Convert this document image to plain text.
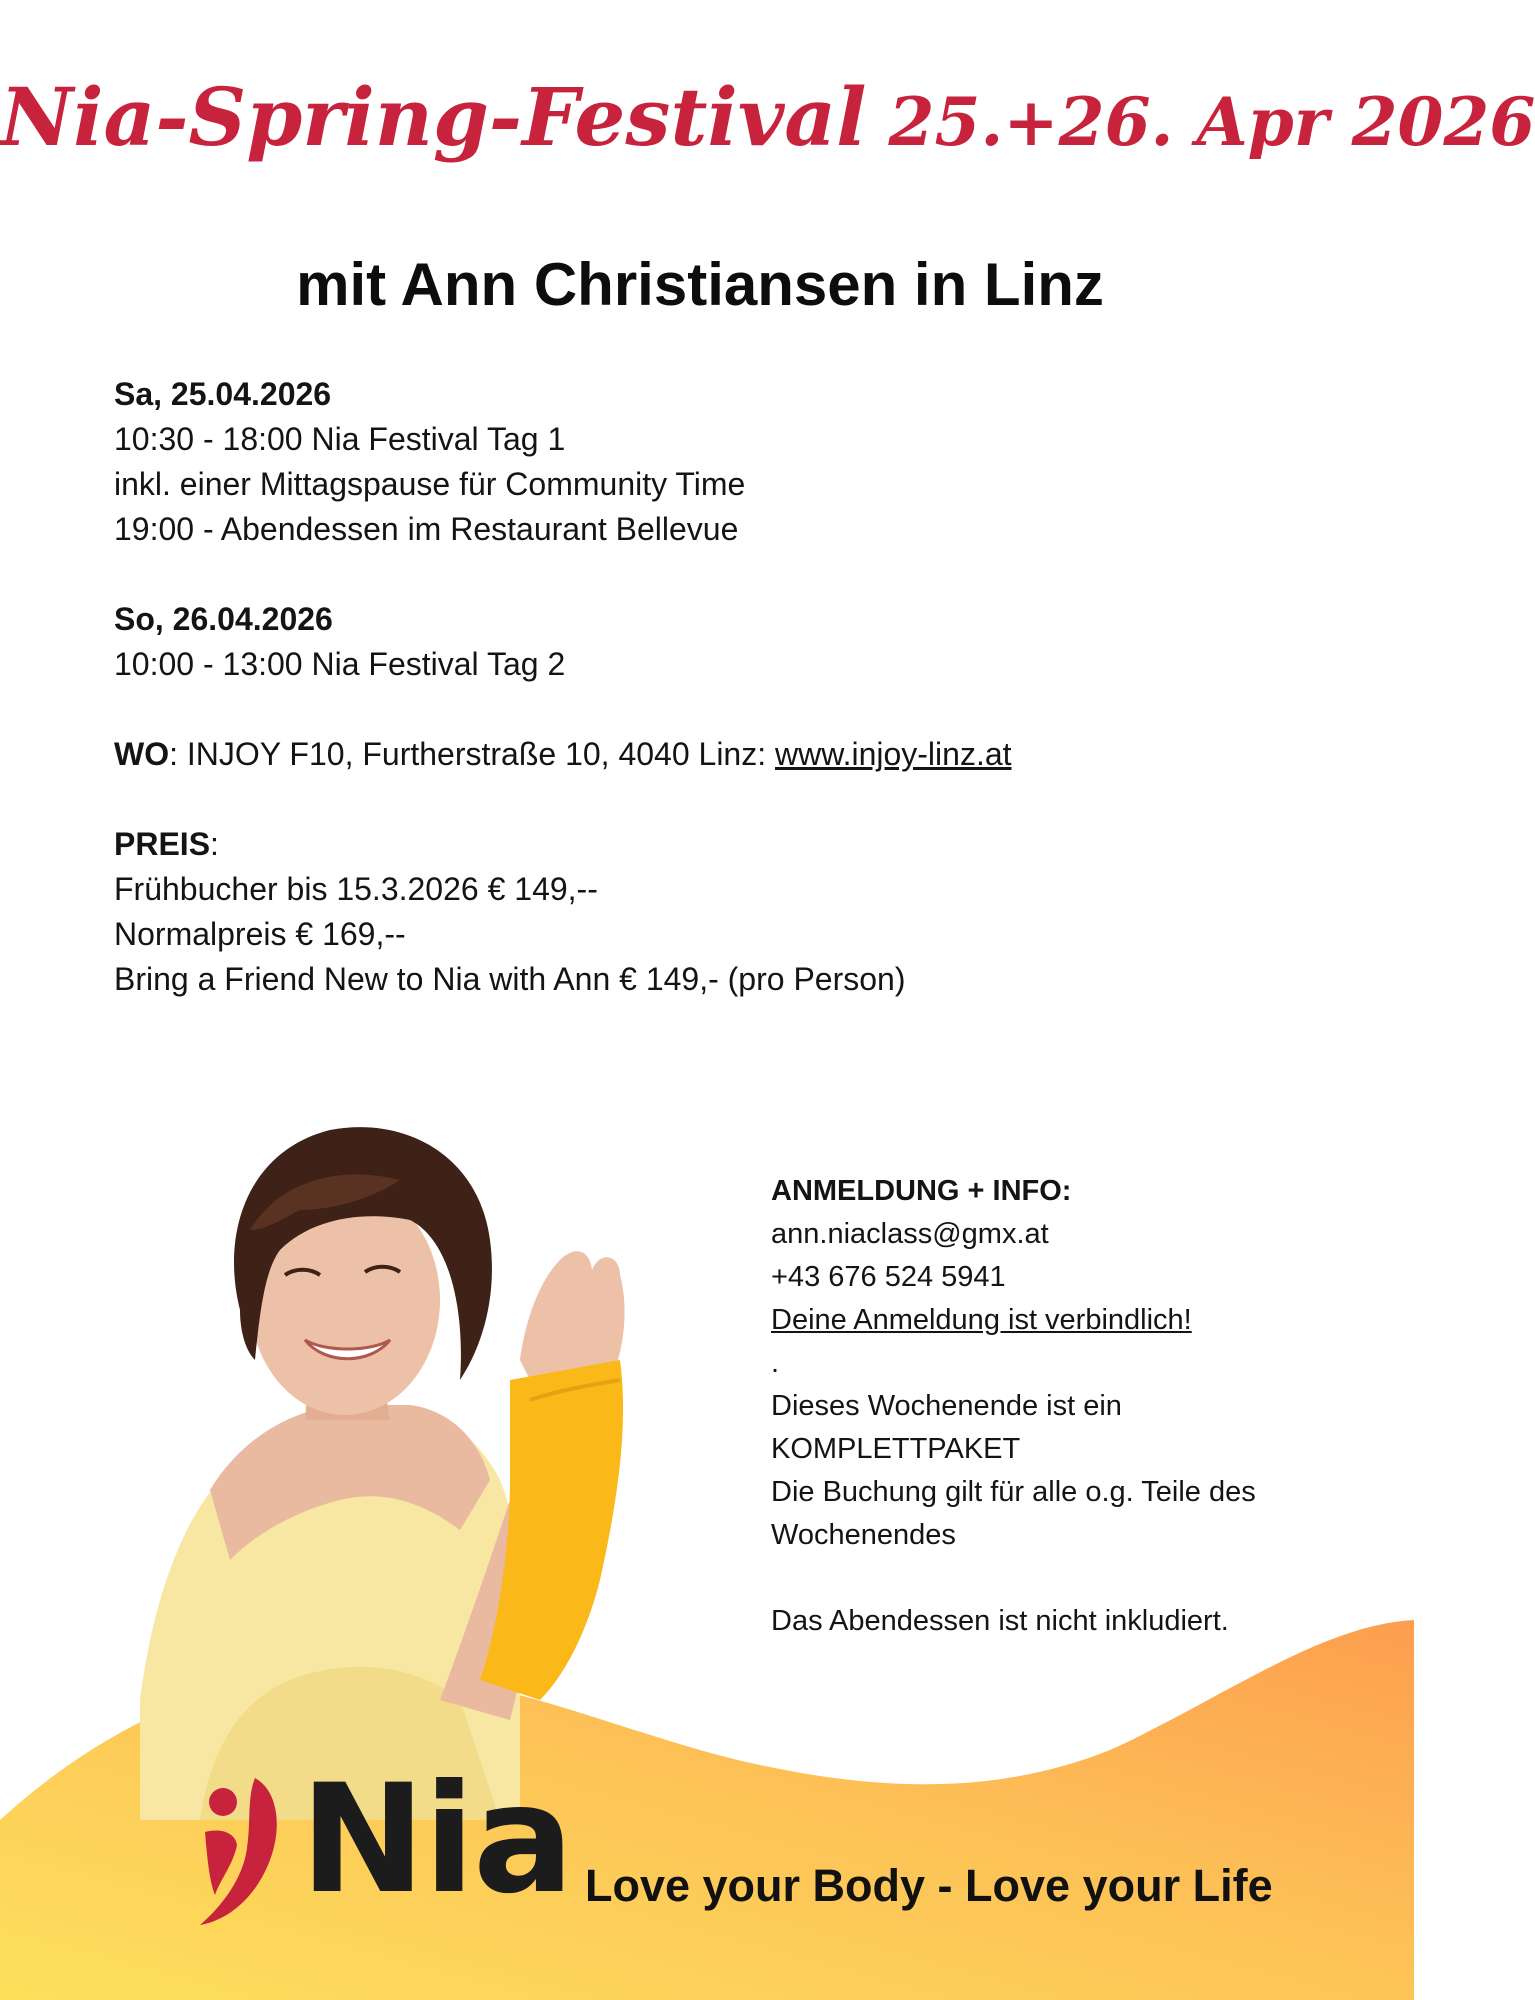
Nia-Spring-Festival 25.+26. Apr 2026
mit Ann Christiansen in Linz
Sa, 25.04.2026
10:30 - 18:00 Nia Festival Tag 1
inkl. einer Mittagspause für Community Time
19:00 - Abendessen im Restaurant Bellevue
So, 26.04.2026
10:00 - 13:00 Nia Festival Tag 2
WO: INJOY F10, Furtherstraße 10, 4040 Linz: www.injoy-linz.at
PREIS:
Frühbucher bis 15.3.2026 € 149,--
Normalpreis € 169,--
Bring a Friend New to Nia with Ann € 149,- (pro Person)
ANMELDUNG + INFO:
ann.niaclass@gmx.at
+43 676 524 5941
Deine Anmeldung ist verbindlich!
.
Dieses Wochenende ist ein
KOMPLETTPAKET
Die Buchung gilt für alle o.g. Teile des
Wochenendes
Das Abendessen ist nicht inkludiert.
Nia Love your Body - Love your Life
